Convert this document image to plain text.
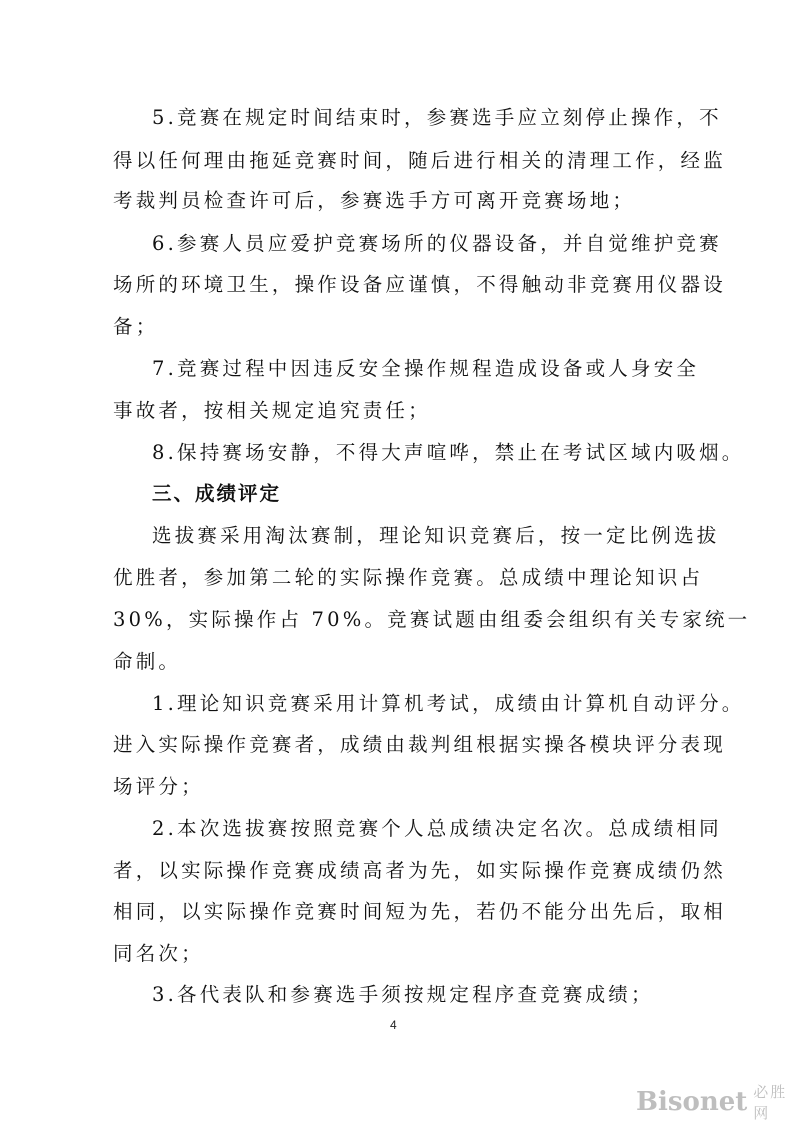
5.竞赛在规定时间结束时，参赛选手应立刻停止操作，不
得以任何理由拖延竞赛时间，随后进行相关的清理工作，经监
考裁判员检查许可后，参赛选手方可离开竞赛场地；
6.参赛人员应爱护竞赛场所的仪器设备，并自觉维护竞赛
场所的环境卫生，操作设备应谨慎，不得触动非竞赛用仪器设
备；
7.竞赛过程中因违反安全操作规程造成设备或人身安全
事故者，按相关规定追究责任；
8.保持赛场安静，不得大声喧哗，禁止在考试区域内吸烟。
三、成绩评定
选拔赛采用淘汰赛制，理论知识竞赛后，按一定比例选拔
优胜者，参加第二轮的实际操作竞赛。总成绩中理论知识占
30%，实际操作占 70%。竞赛试题由组委会组织有关专家统一
命制。
1.理论知识竞赛采用计算机考试，成绩由计算机自动评分。
进入实际操作竞赛者，成绩由裁判组根据实操各模块评分表现
场评分；
2.本次选拔赛按照竞赛个人总成绩决定名次。总成绩相同
者，以实际操作竞赛成绩高者为先，如实际操作竞赛成绩仍然
相同，以实际操作竞赛时间短为先，若仍不能分出先后，取相
同名次；
3.各代表队和参赛选手须按规定程序查竞赛成绩；
4
Bisonet 必胜网
